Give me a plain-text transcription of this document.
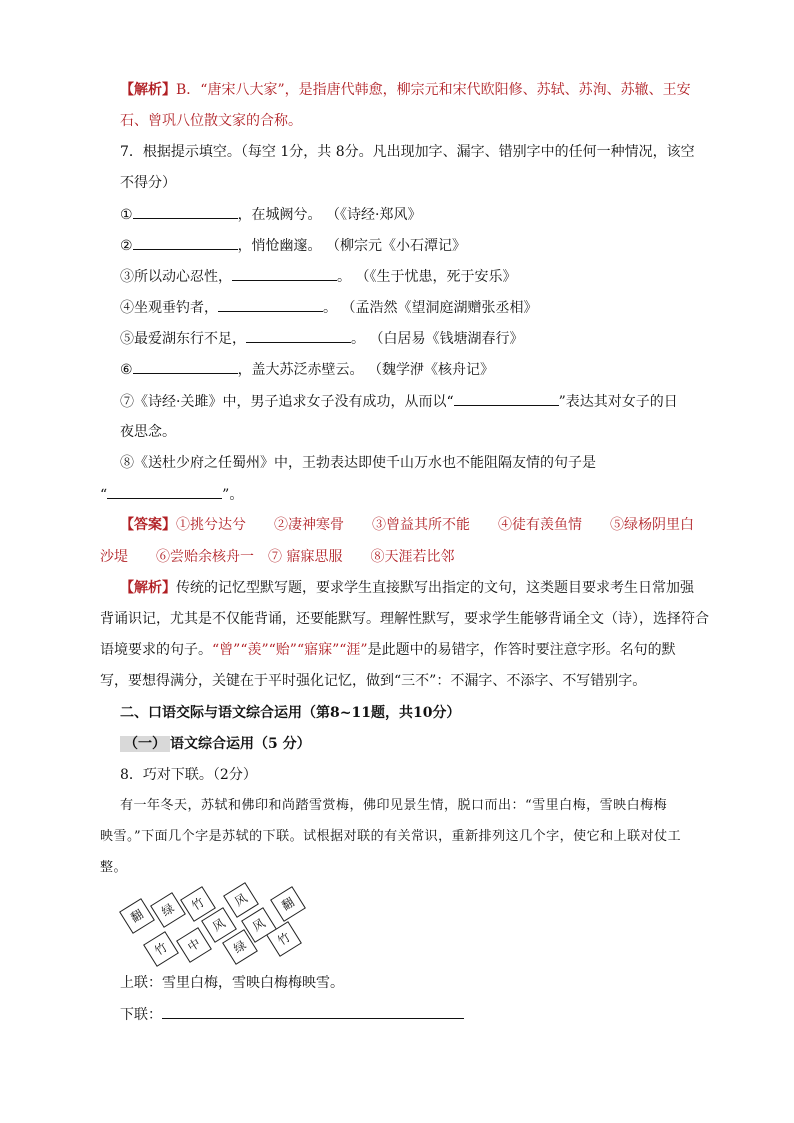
【解析】B．“唐宋八大家”，是指唐代韩愈，柳宗元和宋代欧阳修、苏轼、苏洵、苏辙、王安
石、曾巩八位散文家的合称。
7．根据提示填空。（每空 1分，共 8分。凡出现加字、漏字、错别字中的任何一种情况，该空
不得分）
①	，在城阙兮。 （《诗经·郑风》
②	，悄怆幽邃。 （柳宗元《小石潭记》
③所以动心忍性，	。 （《生于忧患，死于安乐》
④坐观垂钓者，	。 （孟浩然《望洞庭湖赠张丞相》
⑤最爱湖东行不足，	。 （白居易《钱塘湖春行》
⑥	，盖大苏泛赤壁云。 （魏学洢《核舟记》
⑦《诗经·关雎》中，男子追求女子没有成功，从而以“	”表达其对女子的日
夜思念。
⑧《送杜少府之任蜀州》中，王勃表达即使千山万水也不能阻隔友情的句子是
“	”。
【答案】①挑兮达兮　　②凄神寒骨　　③曾益其所不能　　④徒有羡鱼情　　⑤绿杨阴里白
沙堤　　⑥尝贻余核舟一　⑦ 寤寐思服　　⑧天涯若比邻
【解析】传统的记忆型默写题，要求学生直接默写出指定的文句，这类题目要求考生日常加强
背诵识记，尤其是不仅能背诵，还要能默写。理解性默写，要求学生能够背诵全文（诗），选择符合
语境要求的句子。“曾”“羡”“贻”“寤寐”“涯”是此题中的易错字，作答时要注意字形。名句的默
写，要想得满分，关键在于平时强化记忆，做到“三不”：不漏字、不添字、不写错别字。
二、口语交际与语文综合运用（第8~11题，共10分）
（一） 语文综合运用（5 分）
8．巧对下联。（2分）
有一年冬天，苏轼和佛印和尚踏雪赏梅，佛印见景生情，脱口而出：“雪里白梅，雪映白梅梅
映雪。”下面几个字是苏轼的下联。试根据对联的有关常识，重新排列这几个字，使它和上联对仗工
整。
翻 绿 竹 风 翻
风 风
竹 中 绿 竹
上联：雪里白梅，雪映白梅梅映雪。
下联：
